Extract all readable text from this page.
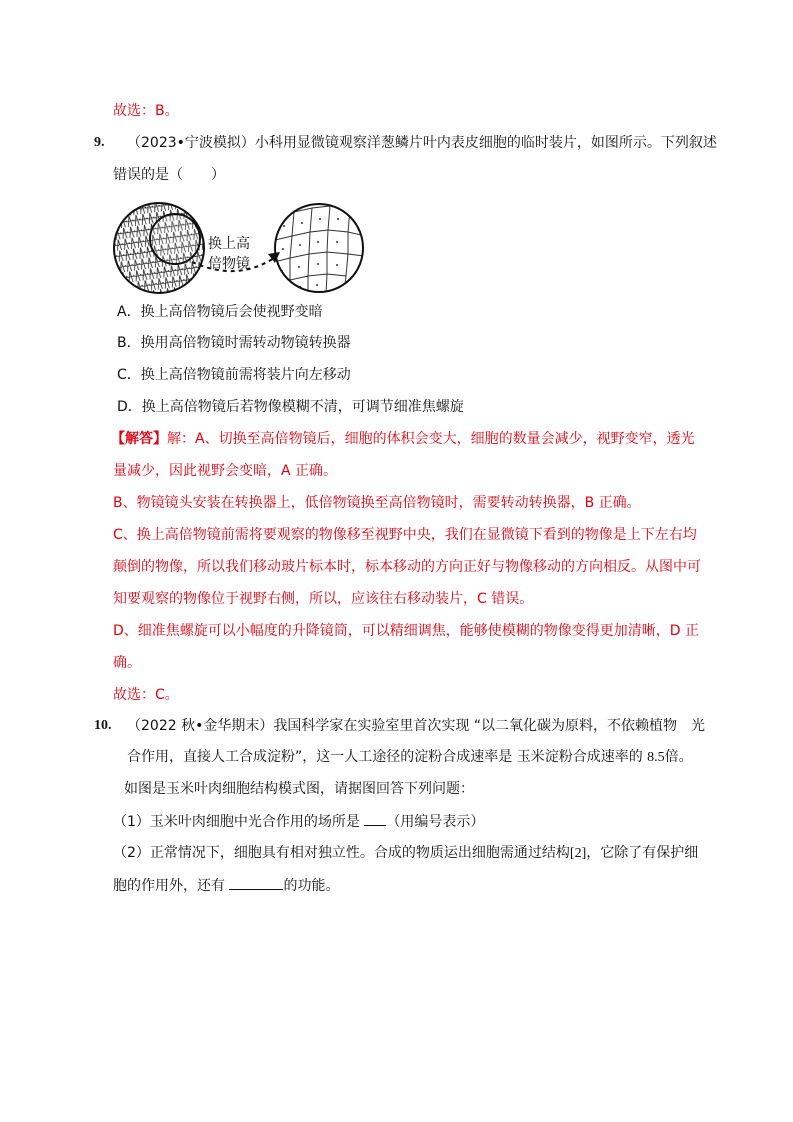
故选：B。
9. （2023•宁波模拟）小科用显微镜观察洋葱鳞片叶内表皮细胞的临时装片，如图所示。下列叙述
错误的是（　　）
换上高
倍物镜
A．换上高倍物镜后会使视野变暗
B．换用高倍物镜时需转动物镜转换器
C．换上高倍物镜前需将装片向左移动
D．换上高倍物镜后若物像模糊不清，可调节细准焦螺旋
【解答】解：A、切换至高倍物镜后，细胞的体积会变大，细胞的数量会减少，视野变窄，透光
量减少，因此视野会变暗，A 正确。
B、物镜镜头安装在转换器上，低倍物镜换至高倍物镜时，需要转动转换器，B 正确。
C、换上高倍物镜前需将要观察的物像移至视野中央，我们在显微镜下看到的物像是上下左右均
颠倒的物像，所以我们移动玻片标本时，标本移动的方向正好与物像移动的方向相反。从图中可
知要观察的物像位于视野右侧，所以，应该往右移动装片，C 错误。
D、细准焦螺旋可以小幅度的升降镜筒，可以精细调焦，能够使模糊的物像变得更加清晰，D 正
确。
故选：C。
10. （2022 秋•金华期末）我国科学家在实验室里首次实现 “以二氧化碳为原料，不依赖植物　光
合作用，直接人工合成淀粉”，这一人工途径的淀粉合成速率是 玉米淀粉合成速率的 8.5倍。
如图是玉米叶肉细胞结构模式图，请据图回答下列问题：
（1）玉米叶肉细胞中光合作用的场所是 （用编号表示）
（2）正常情况下，细胞具有相对独立性。合成的物质运出细胞需通过结构[2]，它除了有保护细
胞的作用外，还有	的功能。
